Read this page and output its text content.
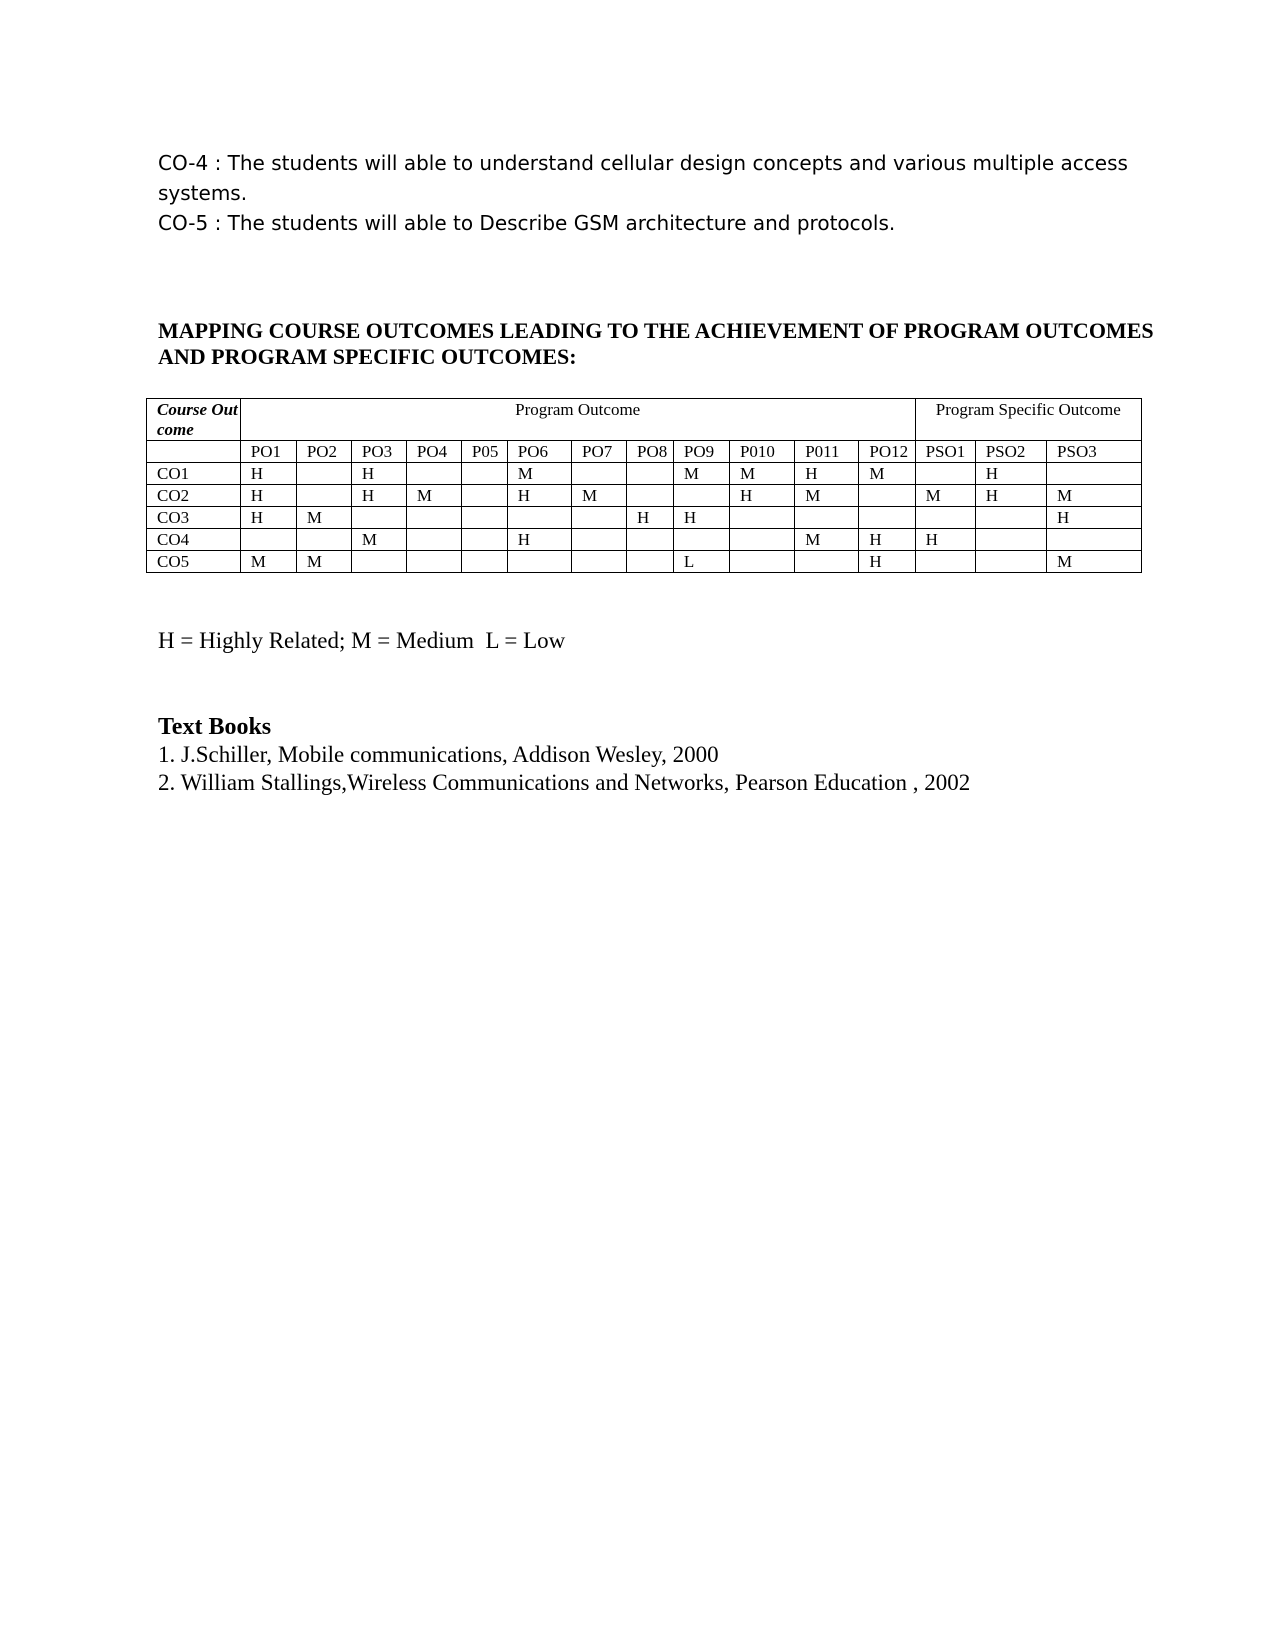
CO-4 : The students will able to understand cellular design concepts and various multiple access systems.

CO-5 : The students will able to Describe GSM architecture and protocols.

MAPPING COURSE OUTCOMES LEADING TO THE ACHIEVEMENT OF PROGRAM OUTCOMES AND PROGRAM SPECIFIC OUTCOMES:
Course Outcome	Program Outcome												Program Specific Outcome		
	PO1	PO2	PO3	PO4	P05	PO6	PO7	PO8	PO9	P010	P011	PO12	PSO1	PSO2	PSO3
CO1	H		H			M			M	M	H	M		H	
CO2	H		H	M		H	M			H	M		M	H	M
CO3	H	M						H	H						H
CO4			M			H					M	H	H		
CO5	M	M							L			H			M

H = Highly Related; M = Medium  L = Low

Text Books

1. J.Schiller, Mobile communications, Addison Wesley, 2000

2. William Stallings,Wireless Communications and Networks, Pearson Education , 2002
